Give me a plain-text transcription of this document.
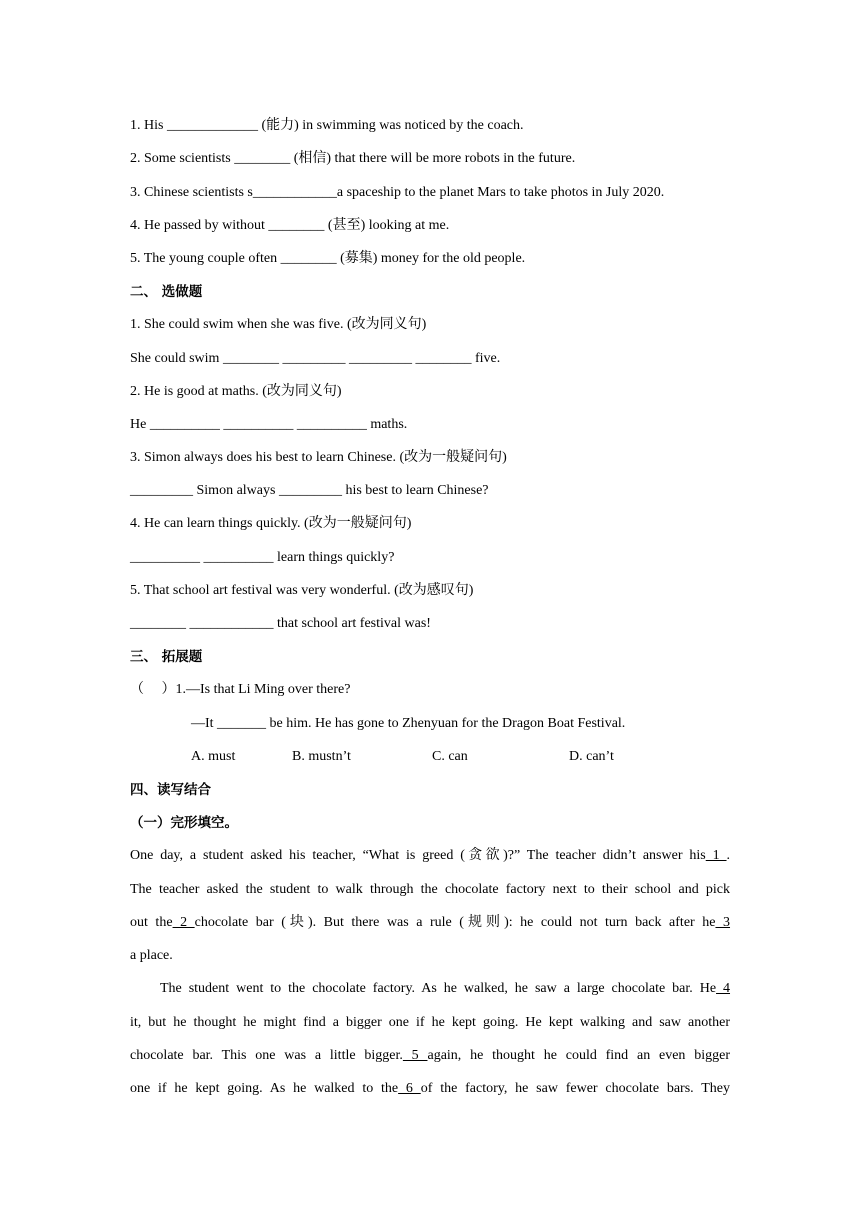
1. His _____________ (能力) in swimming was noticed by the coach.
2. Some scientists ________ (相信) that there will be more robots in the future.
3. Chinese scientists s____________a spaceship to the planet Mars to take photos in July 2020.
4. He passed by without ________ (甚至) looking at me.
5. The young couple often ________ (募集) money for the old people.
二、 选做题
1. She could swim when she was five. (改为同义句)
She could swim ________ _________ _________ ________ five.
2. He is good at maths. (改为同义句)
He __________ __________ __________ maths.
3. Simon always does his best to learn Chinese. (改为一般疑问句)
_________ Simon always _________ his best to learn Chinese?
4. He can learn things quickly. (改为一般疑问句)
__________ __________ learn things quickly?
5. That school art festival was very wonderful. (改为感叹句)
________ ____________ that school art festival was!
三、 拓展题
（     ）1.—Is that Li Ming over there?
—It _______ be him. He has gone to Zhenyuan for the Dragon Boat Festival.
A. must	B. mustn’t	C. can	D. can’t
四、读写结合
（一）完形填空。
One day, a student asked his teacher, “What is greed (贪欲)?” The teacher didn’t answer his 1 .
The teacher asked the student to walk through the chocolate factory next to their school and pick
out the 2 chocolate bar (块). But there was a rule (规则): he could not turn back after he 3
a place.
The student went to the chocolate factory. As he walked, he saw a large chocolate bar. He 4
it, but he thought he might find a bigger one if he kept going. He kept walking and saw another
chocolate bar. This one was a little bigger. 5 again, he thought he could find an even bigger
one if he kept going. As he walked to the 6 of the factory, he saw fewer chocolate bars. They
